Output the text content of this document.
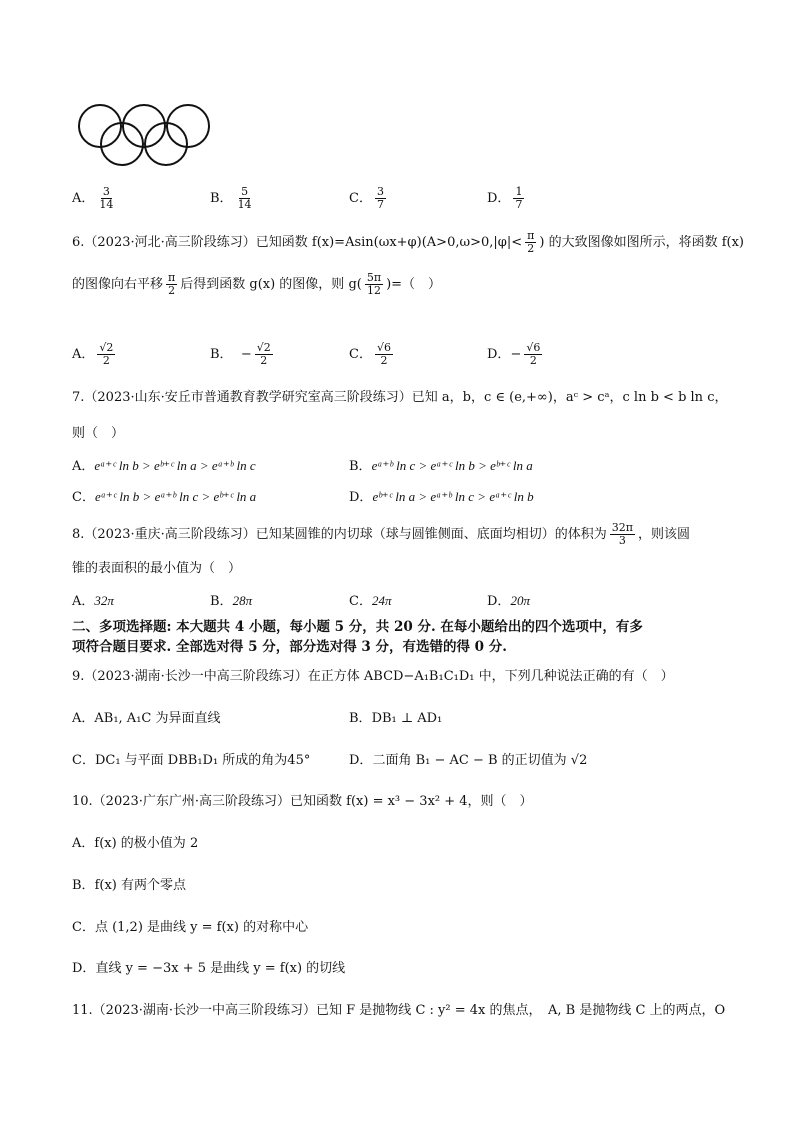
A． $\frac{3}{14}$	B． $\frac{5}{14}$	C． $\frac{3}{7}$	D． $\frac{1}{7}$
6.（2023·河北·高三阶段练习）已知函数 $f(x)=Asin(\omega x+\varphi)(A>0,\omega>0,|\varphi|< \frac{\pi}{2}$ ) 的大致图像如图所示，将函数 f(x)
的图像向右平移 $\frac{\pi}{2}$ 后得到函数 g(x) 的图像，则 $g( \frac{5\pi}{12}$ )=（　）
A． $\frac{√2}{2}$	B． − $\frac{√2}{2}$	C． $\frac{√6}{2}$	D．− $\frac{√6}{2}$
7.（2023·山东·安丘市普通教育教学研究室高三阶段练习）已知 a，b，c ∈ (e,+∞)，aᶜ > cᵃ，c ln b < b ln c，
则（　）
A．eᵃ⁺ᶜ ln b > eᵇ⁺ᶜ ln a > eᵃ⁺ᵇ ln c	B．eᵃ⁺ᵇ ln c > eᵃ⁺ᶜ ln b > eᵇ⁺ᶜ ln a
C．eᵃ⁺ᶜ ln b > eᵃ⁺ᵇ ln c > eᵇ⁺ᶜ ln a	D．eᵇ⁺ᶜ ln a > eᵃ⁺ᵇ ln c > eᵃ⁺ᶜ ln b
8.（2023·重庆·高三阶段练习）已知某圆锥的内切球（球与圆锥侧面、底面均相切）的体积为 $\frac{32\pi}{3}$ ，则该圆
锥的表面积的最小值为（　）
A．32π	B．28π	C．24π	D．20π
二、多项选择题: 本大题共 4 小题，每小题 5 分，共 20 分. 在每小题给出的四个选项中，有多
项符合题目要求. 全部选对得 5 分，部分选对得 3 分，有选错的得 0 分.
9.（2023·湖南·长沙一中高三阶段练习）在正方体 ABCD−A₁B₁C₁D₁ 中，下列几种说法正确的有（　）
A．AB₁, A₁C 为异面直线	B．DB₁ ⊥ AD₁
C．DC₁ 与平面 DBB₁D₁ 所成的角为45°	D．二面角 B₁ − AC − B 的正切值为 √2
10.（2023·广东广州·高三阶段练习）已知函数 f(x) = x³ − 3x² + 4，则（　）
A．f(x) 的极小值为 2
B．f(x) 有两个零点
C．点 (1,2) 是曲线 y = f(x) 的对称中心
D．直线 y = −3x + 5 是曲线 y = f(x) 的切线
11.（2023·湖南·长沙一中高三阶段练习）已知 F 是抛物线 C : y² = 4x 的焦点，　A, B 是抛物线 C 上的两点，O
